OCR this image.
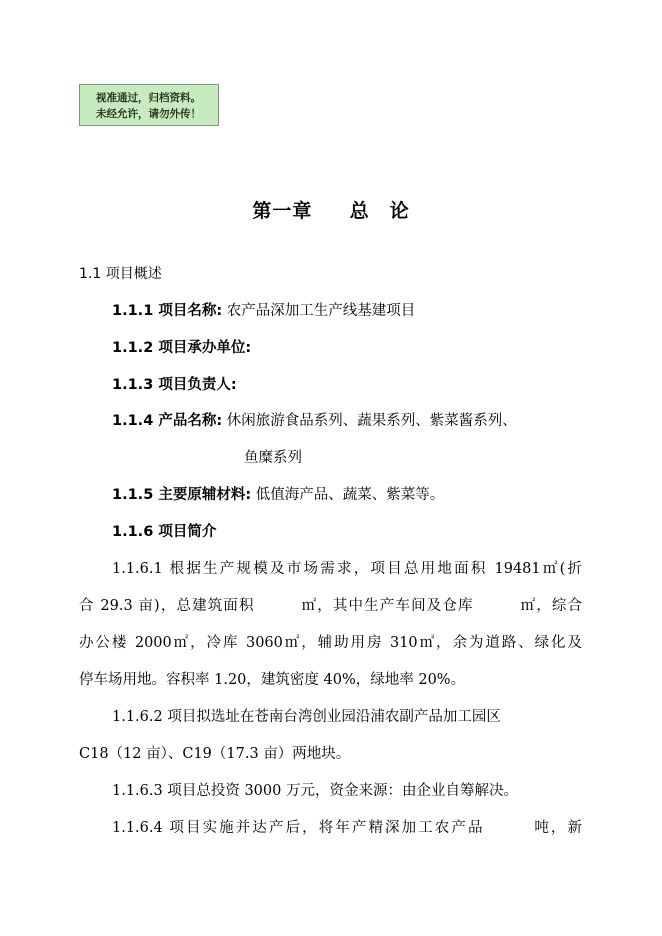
视准通过，归档资料。
未经允许，请勿外传！
第一章 总　论
1.1 项目概述
1.1.1 项目名称: 农产品深加工生产线基建项目
1.1.2 项目承办单位:
1.1.3 项目负责人:
1.1.4 产品名称: 休闲旅游食品系列、蔬果系列、紫菜酱系列、
鱼糜系列
1.1.5 主要原辅材料: 低值海产品、蔬菜、紫菜等。
1.1.6 项目简介
1.1.6.1 根据生产规模及市场需求，项目总用地面积 19481㎡(折
合 29.3 亩)，总建筑面积　　　㎡，其中生产车间及仓库　　　㎡，综合
办公楼 2000㎡，冷库 3060㎡，辅助用房 310㎡，余为道路、绿化及
停车场用地。容积率 1.20，建筑密度 40%，绿地率 20%。
1.1.6.2 项目拟选址在苍南台湾创业园沿浦农副产品加工园区
C18（12 亩）、C19（17.3 亩）两地块。
1.1.6.3 项目总投资 3000 万元，资金来源：由企业自筹解决。
1.1.6.4 项目实施并达产后，将年产精深加工农产品　　　吨，新
